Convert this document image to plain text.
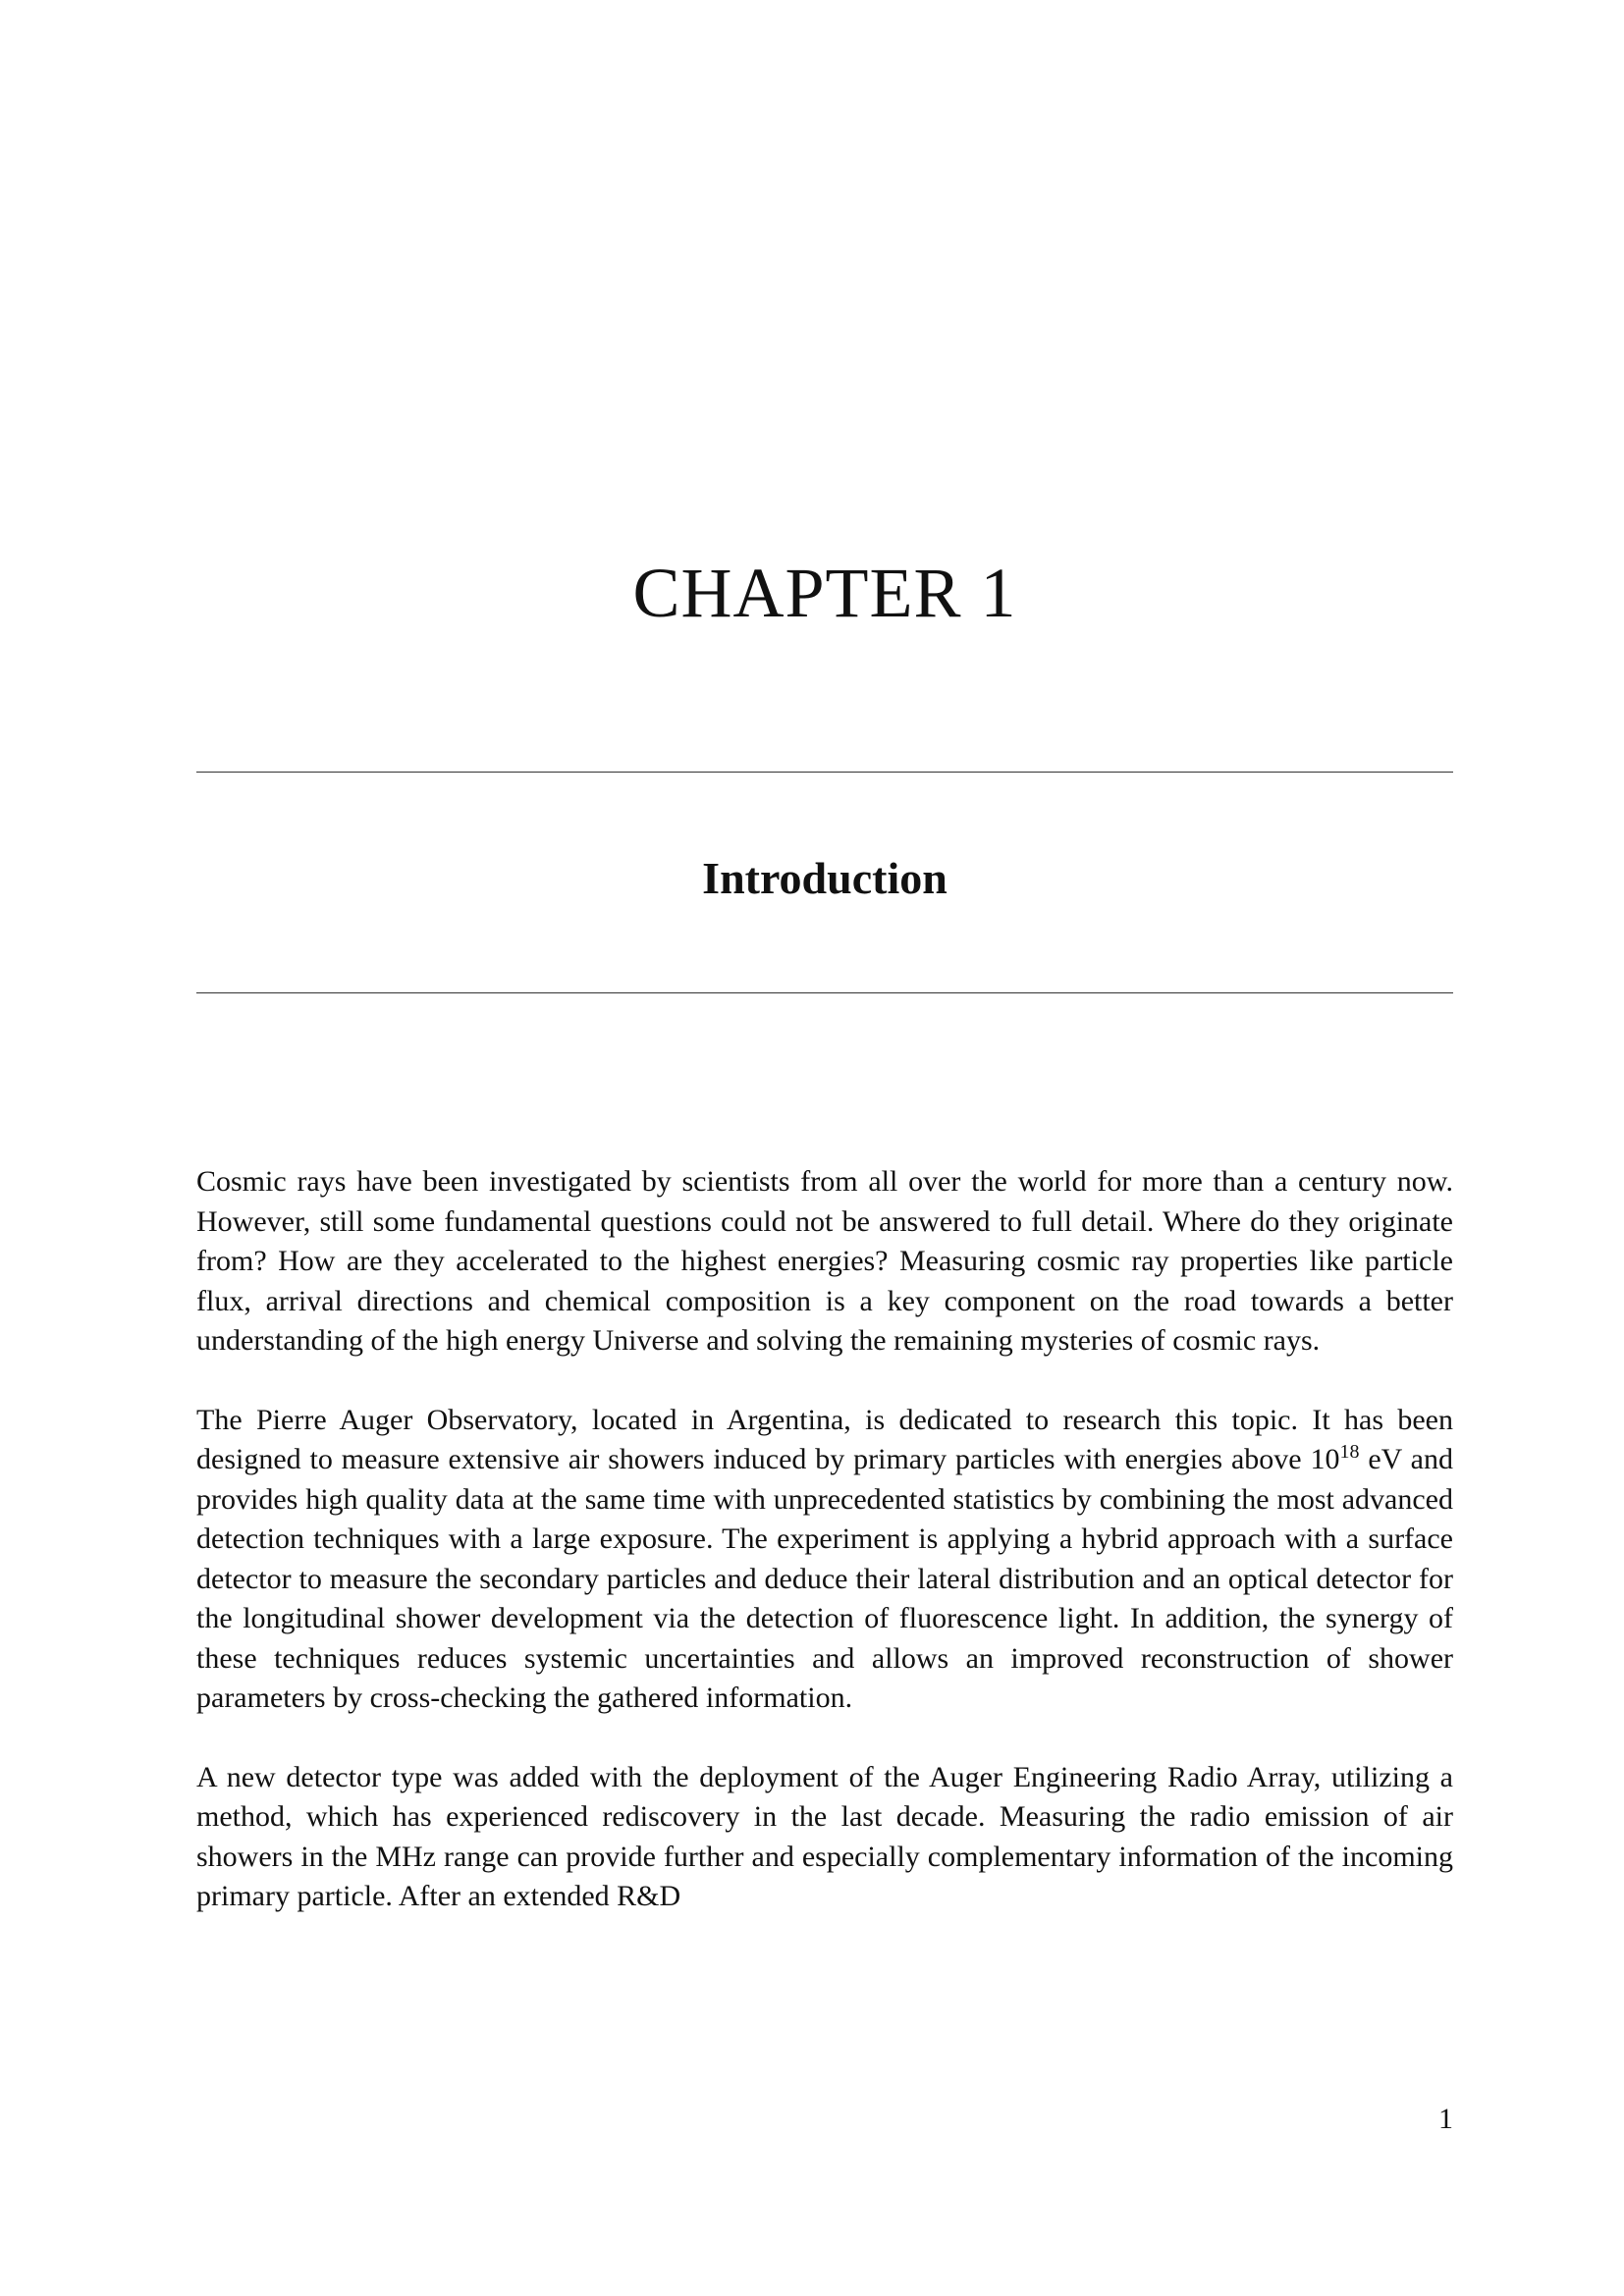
CHAPTER 1
Introduction

Cosmic rays have been investigated by scientists from all over the world for more than a century now. However, still some fundamental questions could not be answered to full detail. Where do they originate from? How are they accelerated to the highest energies? Measuring cosmic ray properties like particle flux, arrival directions and chemical composition is a key component on the road towards a better understanding of the high energy Universe and solving the remaining mysteries of cosmic rays.

The Pierre Auger Observatory, located in Argentina, is dedicated to research this topic. It has been designed to measure extensive air showers induced by primary particles with energies above $10^{18}$ eV and provides high quality data at the same time with unprecedented statistics by combining the most advanced detection techniques with a large exposure. The experiment is applying a hybrid approach with a surface detector to measure the secondary particles and deduce their lateral distribution and an optical detector for the longitudinal shower development via the detection of fluorescence light. In addition, the synergy of these techniques reduces systemic uncertainties and allows an improved reconstruction of shower parameters by cross-checking the gathered information.

A new detector type was added with the deployment of the Auger Engineering Radio Array, utilizing a method, which has experienced rediscovery in the last decade. Measuring the radio emission of air showers in the MHz range can provide further and especially complementary information of the incoming primary particle. After an extended R&D

1
